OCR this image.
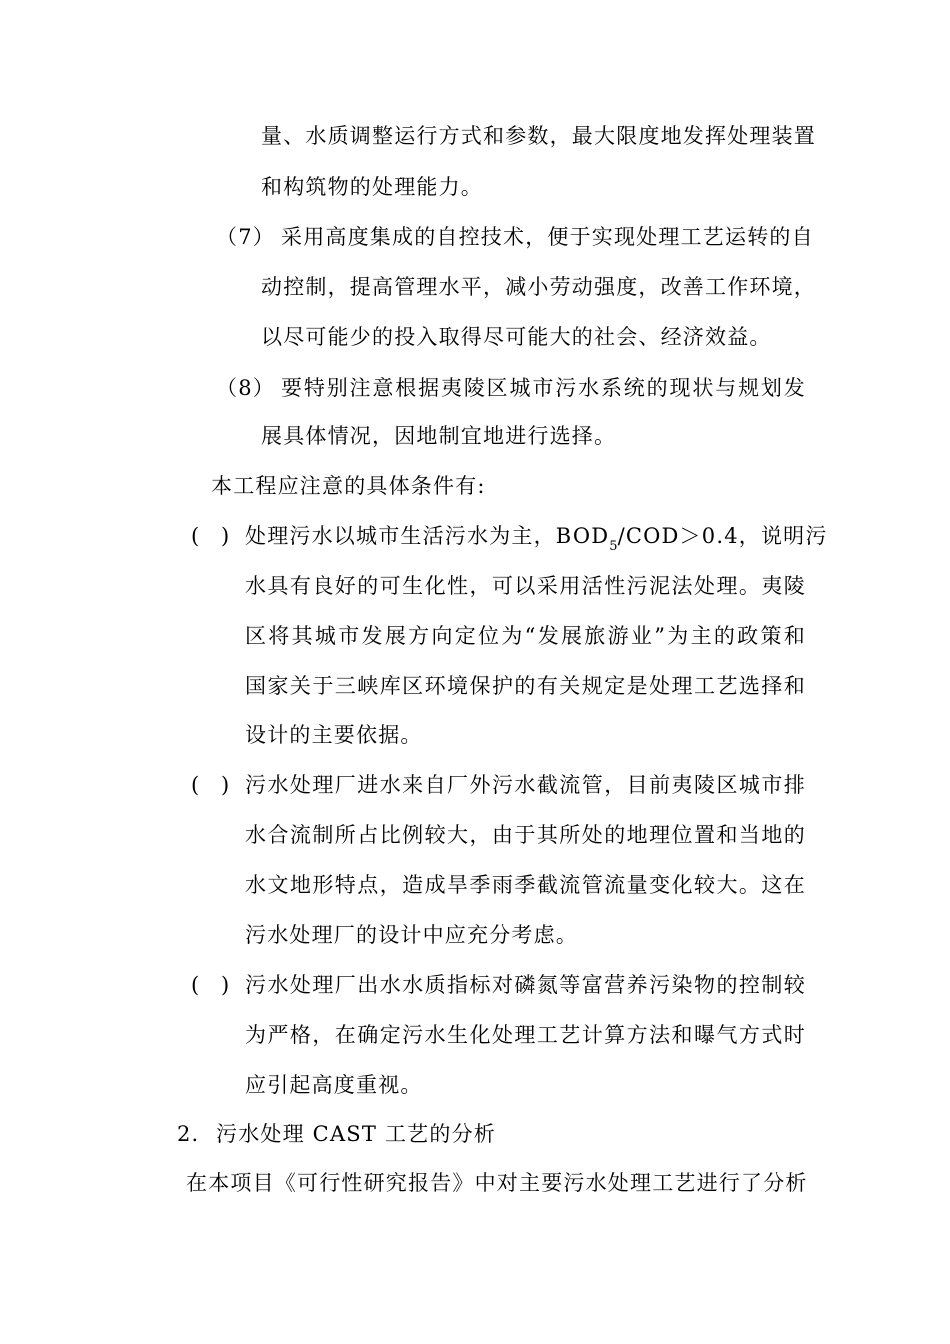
量、水质调整运行方式和参数，最大限度地发挥处理装置
和构筑物的处理能力。
（7） 采用高度集成的自控技术，便于实现处理工艺运转的自
动控制，提高管理水平，减小劳动强度，改善工作环境，
以尽可能少的投入取得尽可能大的社会、经济效益。
（8） 要特别注意根据夷陵区城市污水系统的现状与规划发
展具体情况，因地制宜地进行选择。
本工程应注意的具体条件有:
( ) 处理污水以城市生活污水为主，$BOD_5/COD>0.4$，说明污
水具有良好的可生化性，可以采用活性污泥法处理。夷陵
区将其城市发展方向定位为“发展旅游业”为主的政策和
国家关于三峡库区环境保护的有关规定是处理工艺选择和
设计的主要依据。
( ) 污水处理厂进水来自厂外污水截流管，目前夷陵区城市排
水合流制所占比例较大，由于其所处的地理位置和当地的
水文地形特点，造成旱季雨季截流管流量变化较大。这在
污水处理厂的设计中应充分考虑。
( ) 污水处理厂出水水质指标对磷氮等富营养污染物的控制较
为严格，在确定污水生化处理工艺计算方法和曝气方式时
应引起高度重视。
2. 污水处理 CAST 工艺的分析
在本项目《可行性研究报告》中对主要污水处理工艺进行了分析
